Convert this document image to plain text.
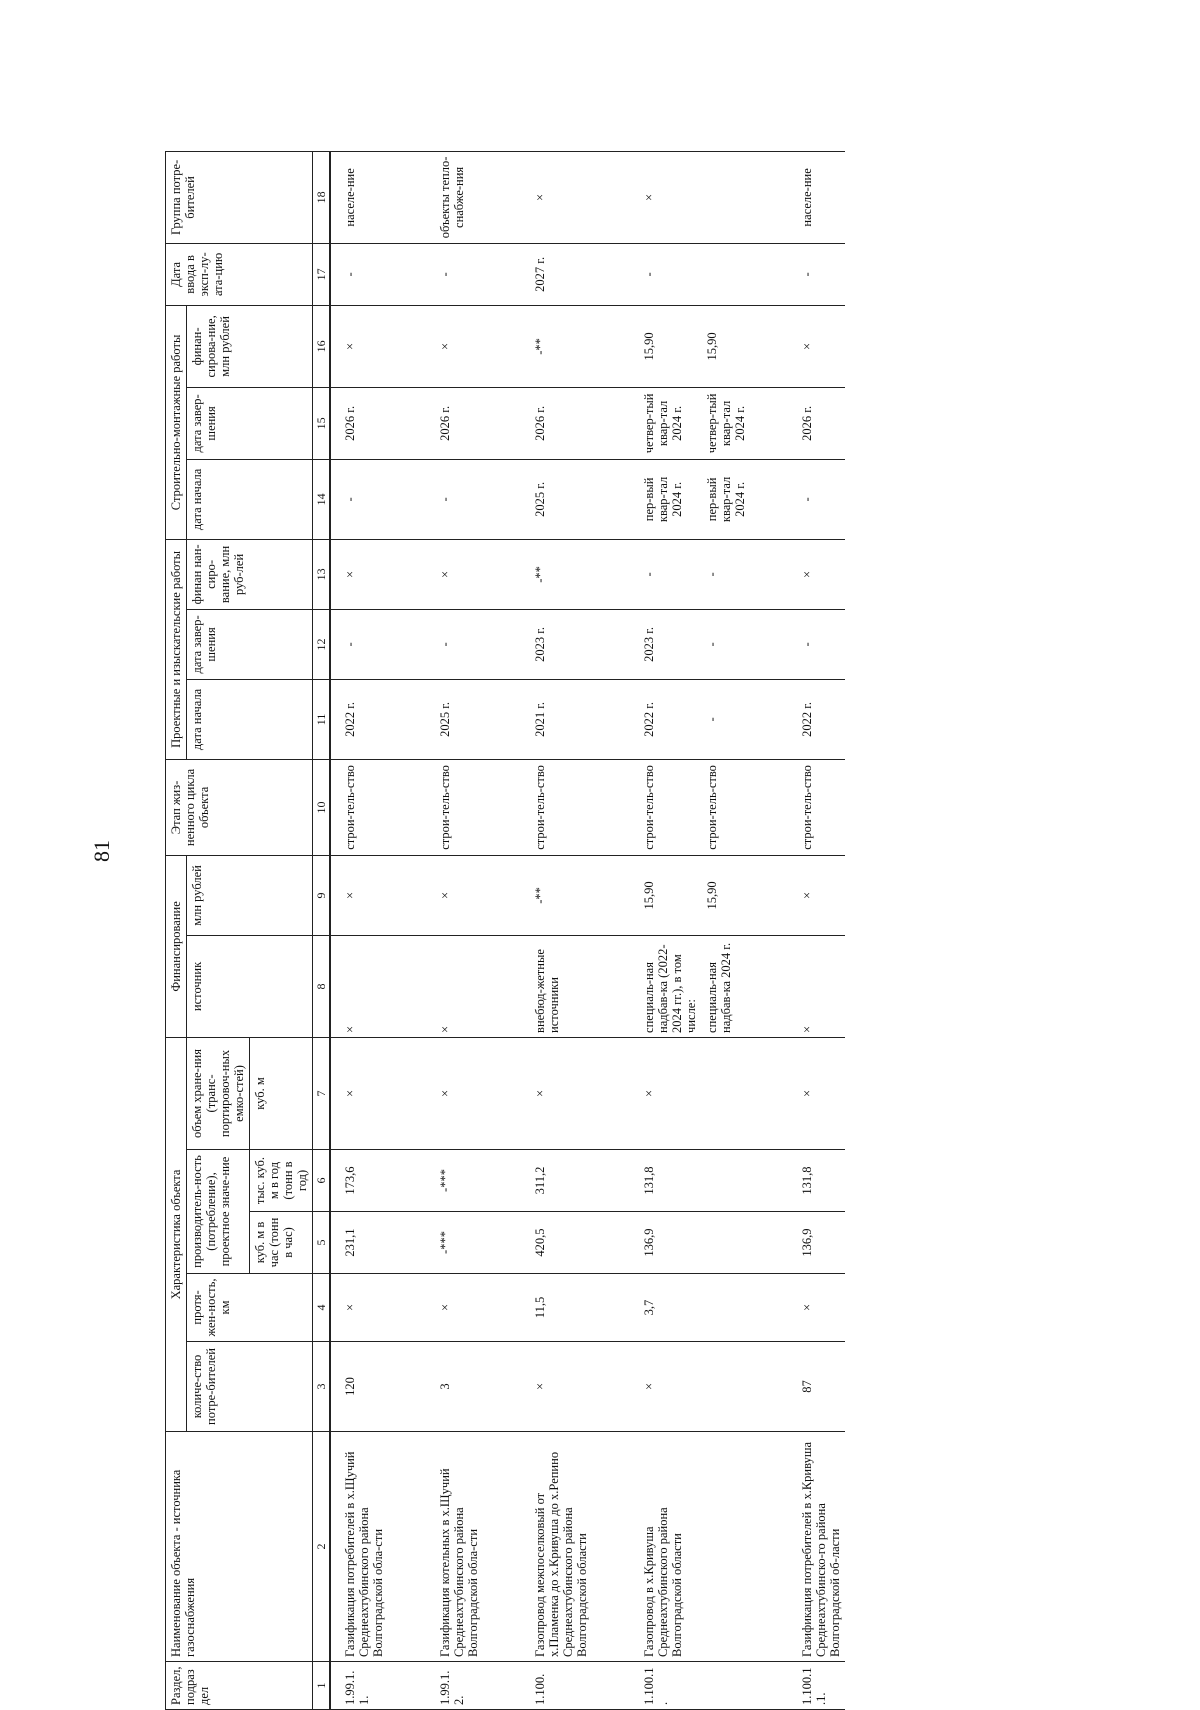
81
Раздел, подраздел	Наименование объекта - источника газоснабжения	Характеристика объекта					Финансирование		Этап жиз-ненного цикла объекта	Проектные и изыскательские работы			Строительно-монтажные работы			Дата ввода в эксп-лу-ата-цию	Группа потре-бителей
		количе-ство потре-бителей	протя-жен-ность, км	производитель-ность (потребление), проектное значе-ние		объем хране-ния (транс-портировоч-ных емко-стей)	источник	млн рублей		дата начала	дата завер-шения	финан нан-сиро-вание, млн руб-лей	дата начала	дата завер-шения	финан-сирова-ние, млн рублей		
				куб. м в час (тонн в час)	тыс. куб. м в год (тонн в год)	куб. м											
1	2	3	4	5	6	7	8	9	10	11	12	13	14	15	16	17	18
1.99.1.1.	Газификация потребителей в х.Щучий Среднеахтубинского района Волгоградской обла-сти	120	×	231,1	173,6	×	×	×	строи-тель-ство	2022 г.	-	×	-	2026 г.	×	-	населе-ние
1.99.1.2.	Газификация котельных в х.Щучий Среднеахтубинского района Волгоградской обла-сти	3	×	-***	-***	×	×	×	строи-тель-ство	2025 г.	-	×	-	2026 г.	×	-	объекты тепло-снабже-ния
1.100.	Газопровод межпоселковый от х.Пламенка до х.Кривуша до х.Репино Среднеахтубинского района Волгоградской области	×	11,5	420,5	311,2	×	внебюд-жетные источники	-**	строи-тель-ство	2021 г.	2023 г.	-**	2025 г.	2026 г.	-**	2027 г.	×
1.100.1.	Газопровод в х.Кривуша Среднеахтубинского района Волгоградской области	×	3,7	136,9	131,8	×	специаль-ная надбав-ка (2022-2024 гг.), в том числе:	15,90	строи-тель-ство	2022 г.	2023 г.	-	пер-вый квар-тал 2024 г.	четвер-тый квар-тал 2024 г.	15,90	-	×
							специаль-ная надбав-ка 2024 г.	15,90	строи-тель-ство	-	-	-	пер-вый квар-тал 2024 г.	четвер-тый квар-тал 2024 г.	15,90		
1.100.1.1.	Газификация потребителей в х.Кривуша Среднеахтубинско-го района Волгоградской об-ласти	87	×	136,9	131,8	×	×	×	строи-тель-ство	2022 г.	-	×	-	2026 г.	×	-	населе-ние
